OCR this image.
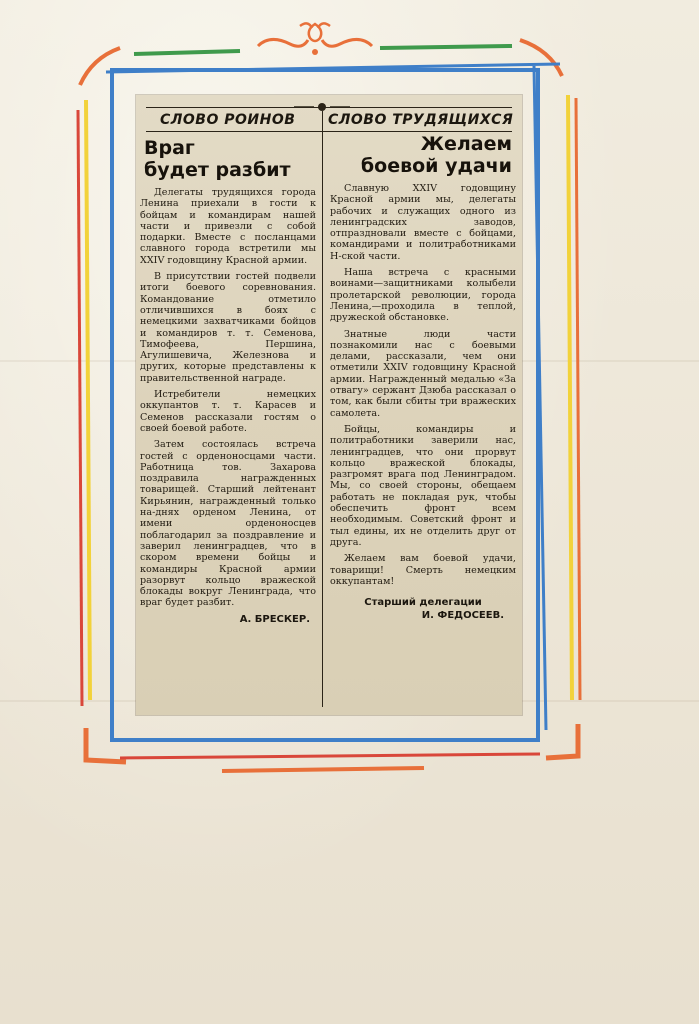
СЛОВО РОИНОВ СЛОВО ТРУДЯЩИХСЯ
Враг
будет разбит

Делегаты трудящихся города Ленина приехали в гости к бойцам и командирам нашей части и привезли с собой подарки. Вместе с посланцами славного города встретили мы XXIV годовщину Красной армии.

В присутствии гостей подвели итоги боевого соревнования. Командование отметило отличившихся в боях с немецкими захватчиками бойцов и командиров т. т. Семенова, Тимофеева, Першина, Агулишевича, Железнова и других, которые представлены к правительственной награде.

Истребители немецких оккупантов т. т. Карасев и Семенов рассказали гостям о своей боевой работе.

Затем состоялась встреча гостей с орденоносцами части. Работница тов. Захарова поздравила награжденных товарищей. Старший лейтенант Кирьянин, награжденный только на-днях орденом Ленина, от имени орденоносцев поблагодарил за поздравление и заверил ленинградцев, что в скором времени бойцы и командиры Красной армии разорвут кольцо вражеской блокады вокруг Ленинграда, что враг будет разбит.

А. БРЕСКЕР.
Желаем
боевой удачи

Славную XXIV годовщину Красной армии мы, делегаты рабочих и служащих одного из ленинградских заводов, отпраздновали вместе с бойцами, командирами и политработниками Н-ской части.

Наша встреча с красными воинами—защитниками колыбели пролетарской революции, города Ленина,—проходила в теплой, дружеской обстановке.

Знатные люди части познакомили нас с боевыми делами, рассказали, чем они отметили XXIV годовщину Красной армии. Награжденный медалью «За отвагу» сержант Дзюба рассказал о том, как были сбиты три вражеских самолета.

Бойцы, командиры и политработники заверили нас, ленинградцев, что они прорвут кольцо вражеской блокады, разгромят врага под Ленинградом. Мы, со своей стороны, обещаем работать не покладая рук, чтобы обеспечить фронт всем необходимым. Советский фронт и тыл едины, их не отделить друг от друга.

Желаем вам боевой удачи, товарищи! Смерть немецким оккупантам!

Старший делегации
И. ФЕДОСЕЕВ.
